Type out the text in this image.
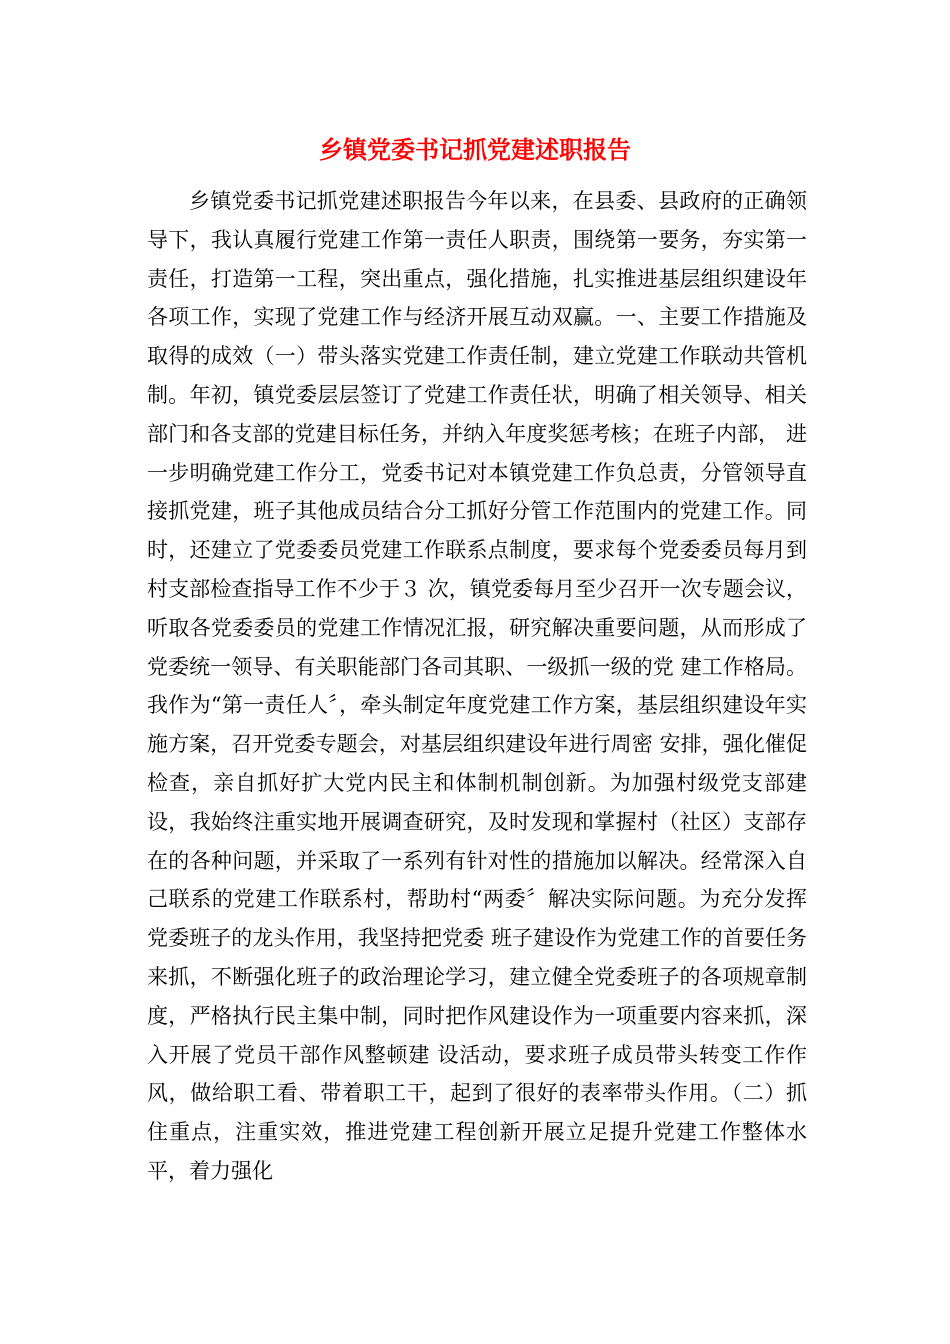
乡镇党委书记抓党建述职报告

乡镇党委书记抓党建述职报告今年以来，在县委、县政府的正确领导下，我认真履行党建工作第一责任人职责，围绕第一要务，夯实第一责任，打造第一工程，突出重点，强化措施，扎实推进基层组织建设年各项工作，实现了党建工作与经济开展互动双赢。一、主要工作措施及取得的成效（一）带头落实党建工作责任制，建立党建工作联动共管机制。年初，镇党委层层签订了党建工作责任状，明确了相关领导、相关部门和各支部的党建目标任务，并纳入年度奖惩考核；在班子内部， 进一步明确党建工作分工，党委书记对本镇党建工作负总责，分管领导直接抓党建，班子其他成员结合分工抓好分管工作范围内的党建工作。同时，还建立了党委委员党建工作联系点制度，要求每个党委委员每月到村支部检查指导工作不少于３ 次，镇党委每月至少召开一次专题会议，听取各党委委员的党建工作情况汇报，研究解决重要问题，从而形成了党委统一领导、有关职能部门各司其职、一级抓一级的党 建工作格局。我作为“第一责任人〞，牵头制定年度党建工作方案，基层组织建设年实施方案，召开党委专题会，对基层组织建设年进行周密 安排，强化催促检查，亲自抓好扩大党内民主和体制机制创新。为加强村级党支部建设，我始终注重实地开展调查研究，及时发现和掌握村（社区）支部存在的各种问题，并采取了一系列有针对性的措施加以解决。经常深入自己联系的党建工作联系村，帮助村“两委〞解决实际问题。为充分发挥党委班子的龙头作用，我坚持把党委 班子建设作为党建工作的首要任务来抓，不断强化班子的政治理论学习，建立健全党委班子的各项规章制度，严格执行民主集中制，同时把作风建设作为一项重要内容来抓，深入开展了党员干部作风整顿建 设活动，要求班子成员带头转变工作作风，做给职工看、带着职工干，起到了很好的表率带头作用。（二）抓住重点，注重实效，推进党建工程创新开展立足提升党建工作整体水平，着力强化
